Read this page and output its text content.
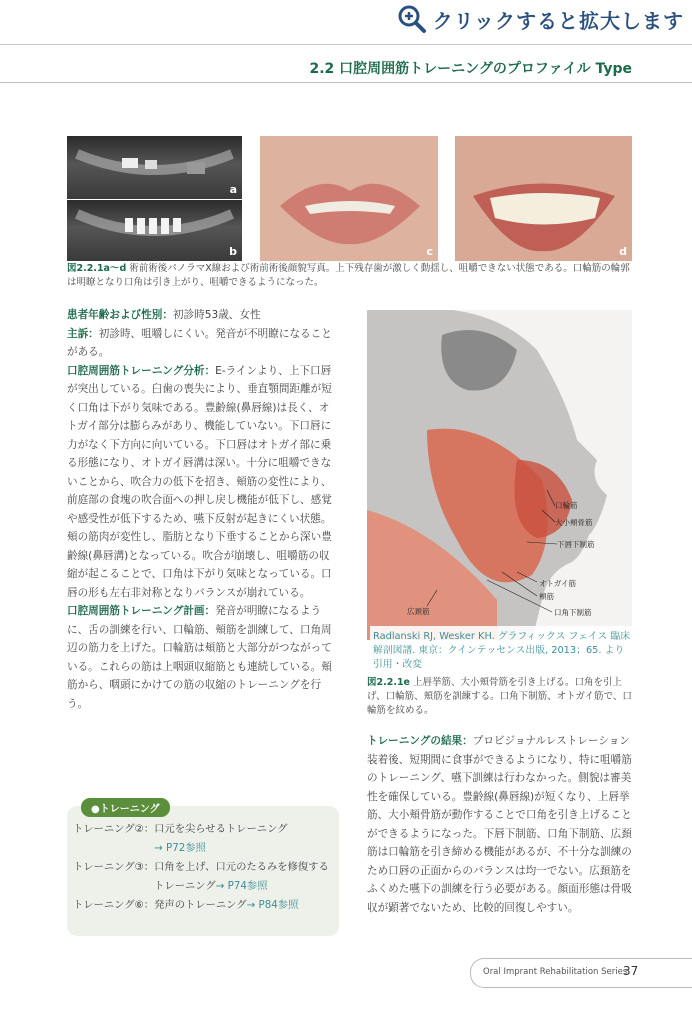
クリックすると拡大します
2.2 口腔周囲筋トレーニングのプロファイル Type
a
b	c	d
図2.2.1a〜d 術前術後パノラマX線および術前術後顔貌写真。上下残存歯が激しく動揺し、咀嚼できない状態である。口輪筋の輪郭は明瞭となり口角は引き上がり、咀嚼できるようになった。

患者年齢および性別：初診時53歳、女性

主訴：初診時、咀嚼しにくい。発音が不明瞭になることがある。

口腔周囲筋トレーニング分析：E-ラインより、上下口唇が突出している。臼歯の喪失により、垂直顎間距離が短く口角は下がり気味である。豊齢線(鼻唇線)は長く、オトガイ部分は膨らみがあり、機能していない。下口唇に力がなく下方向に向いている。下口唇はオトガイ部に乗る形態になり、オトガイ唇溝は深い。十分に咀嚼できないことから、吹合力の低下を招き、頬筋の変性により、前庭部の食塊の吹合面への押し戻し機能が低下し、感覚や感受性が低下するため、嚥下反射が起きにくい状態。頬の筋肉が変性し、脂肪となり下垂することから深い豊齢線(鼻唇溝)となっている。吹合が崩壊し、咀嚼筋の収縮が起こることで、口角は下がり気味となっている。口唇の形も左右非対称となりバランスが崩れている。

口腔周囲筋トレーニング計画：発音が明瞭になるように、舌の訓練を行い、口輪筋、頬筋を訓練して、口角周辺の筋力を上げた。口輪筋は頬筋と大部分がつながっている。これらの筋は上咽頭収縮筋とも連続している。頬筋から、咽頭にかけての筋の収縮のトレーニングを行う。

口輪筋
大小頬骨筋
下唇下制筋
オトガイ筋
頬筋
口角下制筋
広頚筋
Radlanski RJ, Wesker KH. グラフィックス フェイス 臨床解剖図譜. 東京：クインテッセンス出版, 2013；65. より引用・改変
図2.2.1e 上唇挙筋、大小頬骨筋を引き上げる。口角を引上げ、口輪筋、頬筋を訓練する。口角下制筋、オトガイ筋で、口輪筋を紋める。
トレーニングの結果：プロビジョナルレストレーション装着後、短期間に食事ができるようになり、特に咀嚼筋のトレーニング、嚥下訓練は行わなかった。側貌は審美性を確保している。豊齢線(鼻唇線)が短くなり、上唇挙筋、大小頬骨筋が動作することで口角を引き上げることができるようになった。下唇下制筋、口角下制筋、広頚筋は口輪筋を引き締める機能があるが、不十分な訓練のため口唇の正面からのバランスは均一でない。広頚筋をふくめた嚥下の訓練を行う必要がある。顔面形態は骨吸収が顕著でないため、比較的回復しやすい。
●トレーニング
トレーニング②： 口元を尖らせるトレーニング
→ P72参照
トレーニング③： 口角を上げ、口元のたるみを修復するトレーニング→ P74参照
トレーニング⑥： 発声のトレーニング→ P84参照
Oral Imprant Rehabilitation Series
37
